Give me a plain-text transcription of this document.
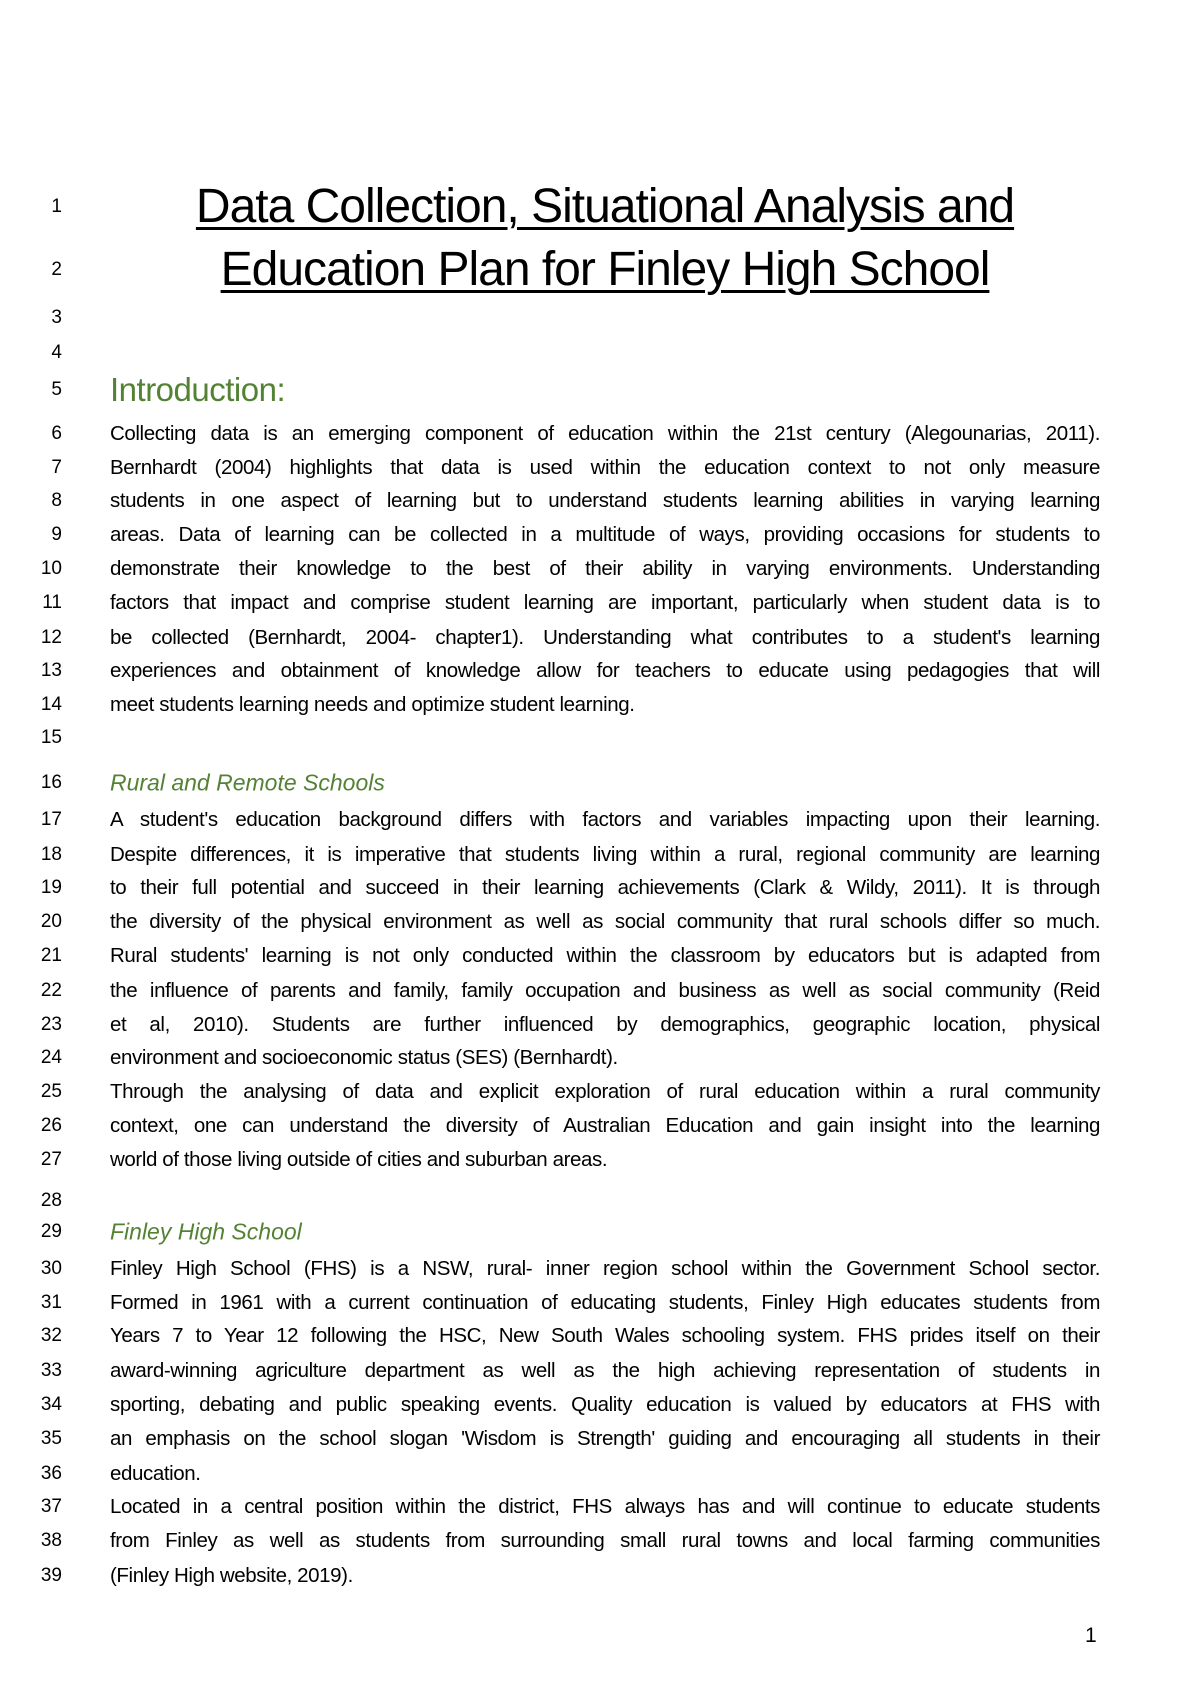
1	Data Collection, Situational Analysis and
2	Education Plan for Finley High School
3
4
5 Introduction:
6 Collecting data is an emerging component of education within the 21st century (Alegounarias, 2011).
7 Bernhardt (2004) highlights that data is used within the education context to not only measure
8 students in one aspect of learning but to understand students learning abilities in varying learning
9 areas. Data of learning can be collected in a multitude of ways, providing occasions for students to
10 demonstrate their knowledge to the best of their ability in varying environments. Understanding
11 factors that impact and comprise student learning are important, particularly when student data is to
12 be collected (Bernhardt, 2004- chapter1). Understanding what contributes to a student's learning
13 experiences and obtainment of knowledge allow for teachers to educate using pedagogies that will
14 meet students learning needs and optimize student learning.
15
16 Rural and Remote Schools
17 A student's education background differs with factors and variables impacting upon their learning.
18 Despite differences, it is imperative that students living within a rural, regional community are learning
19 to their full potential and succeed in their learning achievements (Clark & Wildy, 2011). It is through
20 the diversity of the physical environment as well as social community that rural schools differ so much.
21 Rural students' learning is not only conducted within the classroom by educators but is adapted from
22 the influence of parents and family, family occupation and business as well as social community (Reid
23 et al, 2010). Students are further influenced by demographics, geographic location, physical
24 environment and socioeconomic status (SES) (Bernhardt).
25 Through the analysing of data and explicit exploration of rural education within a rural community
26 context, one can understand the diversity of Australian Education and gain insight into the learning
27 world of those living outside of cities and suburban areas.
28
29 Finley High School
30 Finley High School (FHS) is a NSW, rural- inner region school within the Government School sector.
31 Formed in 1961 with a current continuation of educating students, Finley High educates students from
32 Years 7 to Year 12 following the HSC, New South Wales schooling system. FHS prides itself on their
33 award-winning agriculture department as well as the high achieving representation of students in
34 sporting, debating and public speaking events. Quality education is valued by educators at FHS with
35 an emphasis on the school slogan 'Wisdom is Strength' guiding and encouraging all students in their
36 education.
37 Located in a central position within the district, FHS always has and will continue to educate students
38 from Finley as well as students from surrounding small rural towns and local farming communities
39 (Finley High website, 2019).
1
